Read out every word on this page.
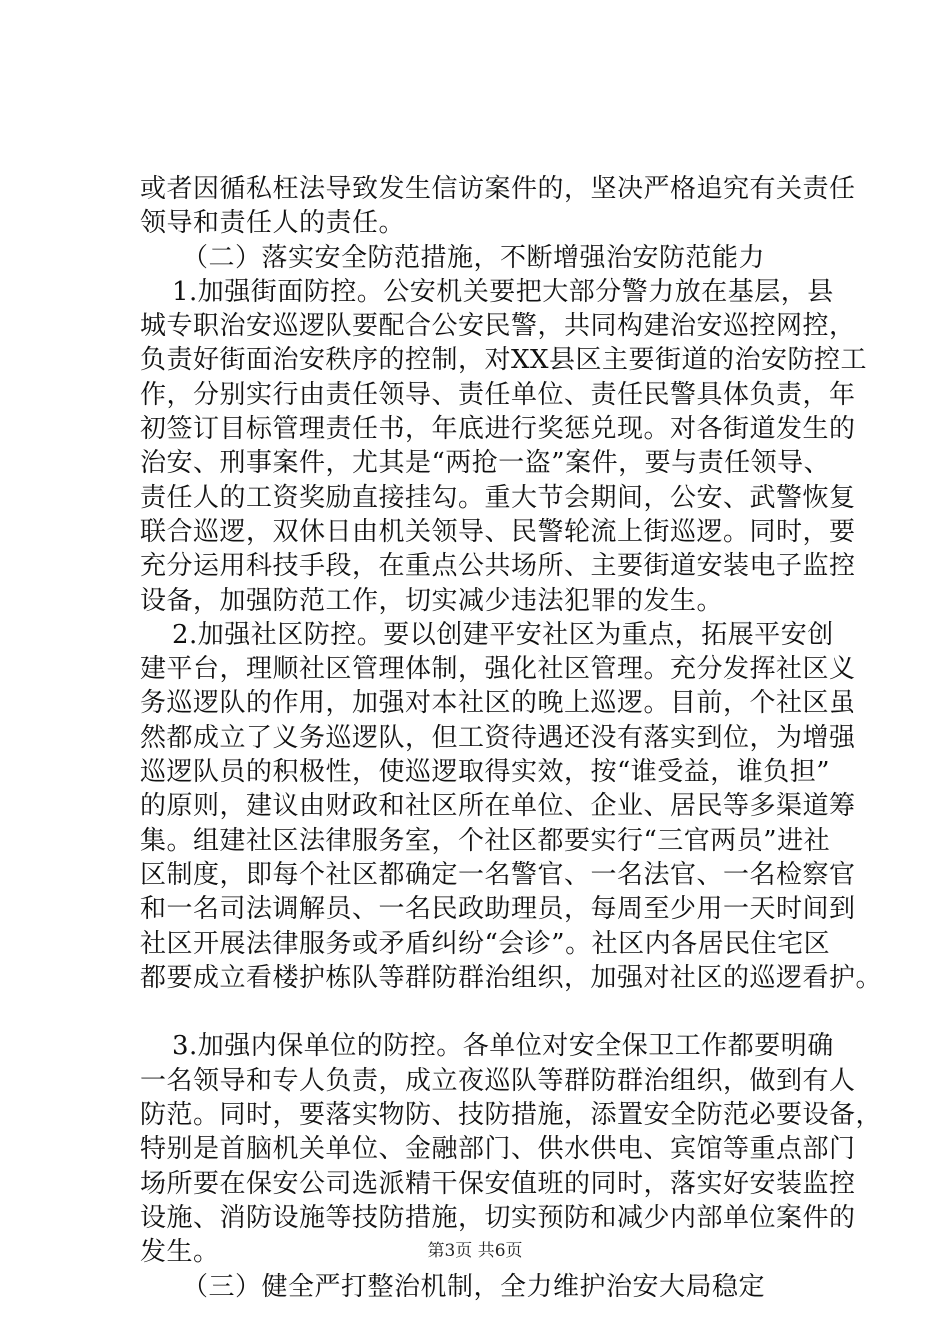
或者因循私枉法导致发生信访案件的，坚决严格追究有关责任
领导和责任人的责任。
（二）落实安全防范措施，不断增强治安防范能力
1.加强街面防控。公安机关要把大部分警力放在基层，县
城专职治安巡逻队要配合公安民警，共同构建治安巡控网控，
负责好街面治安秩序的控制，对XX县区主要街道的治安防控工
作，分别实行由责任领导、责任单位、责任民警具体负责，年
初签订目标管理责任书，年底进行奖惩兑现。对各街道发生的
治安、刑事案件，尤其是“两抢一盗”案件，要与责任领导、
责任人的工资奖励直接挂勾。重大节会期间，公安、武警恢复
联合巡逻，双休日由机关领导、民警轮流上街巡逻。同时，要
充分运用科技手段，在重点公共场所、主要街道安装电子监控
设备，加强防范工作，切实减少违法犯罪的发生。
2.加强社区防控。要以创建平安社区为重点，拓展平安创
建平台，理顺社区管理体制，强化社区管理。充分发挥社区义
务巡逻队的作用，加强对本社区的晚上巡逻。目前，个社区虽
然都成立了义务巡逻队，但工资待遇还没有落实到位，为增强
巡逻队员的积极性，使巡逻取得实效，按“谁受益，谁负担”
的原则，建议由财政和社区所在单位、企业、居民等多渠道筹
集。组建社区法律服务室，个社区都要实行“三官两员”进社
区制度，即每个社区都确定一名警官、一名法官、一名检察官
和一名司法调解员、一名民政助理员，每周至少用一天时间到
社区开展法律服务或矛盾纠纷“会诊”。社区内各居民住宅区
都要成立看楼护栋队等群防群治组织，加强对社区的巡逻看护。
3.加强内保单位的防控。各单位对安全保卫工作都要明确
一名领导和专人负责，成立夜巡队等群防群治组织，做到有人
防范。同时，要落实物防、技防措施，添置安全防范必要设备，
特别是首脑机关单位、金融部门、供水供电、宾馆等重点部门
场所要在保安公司选派精干保安值班的同时，落实好安装监控
设施、消防设施等技防措施，切实预防和减少内部单位案件的
发生。
（三）健全严打整治机制，全力维护治安大局稳定
第3页 共6页
